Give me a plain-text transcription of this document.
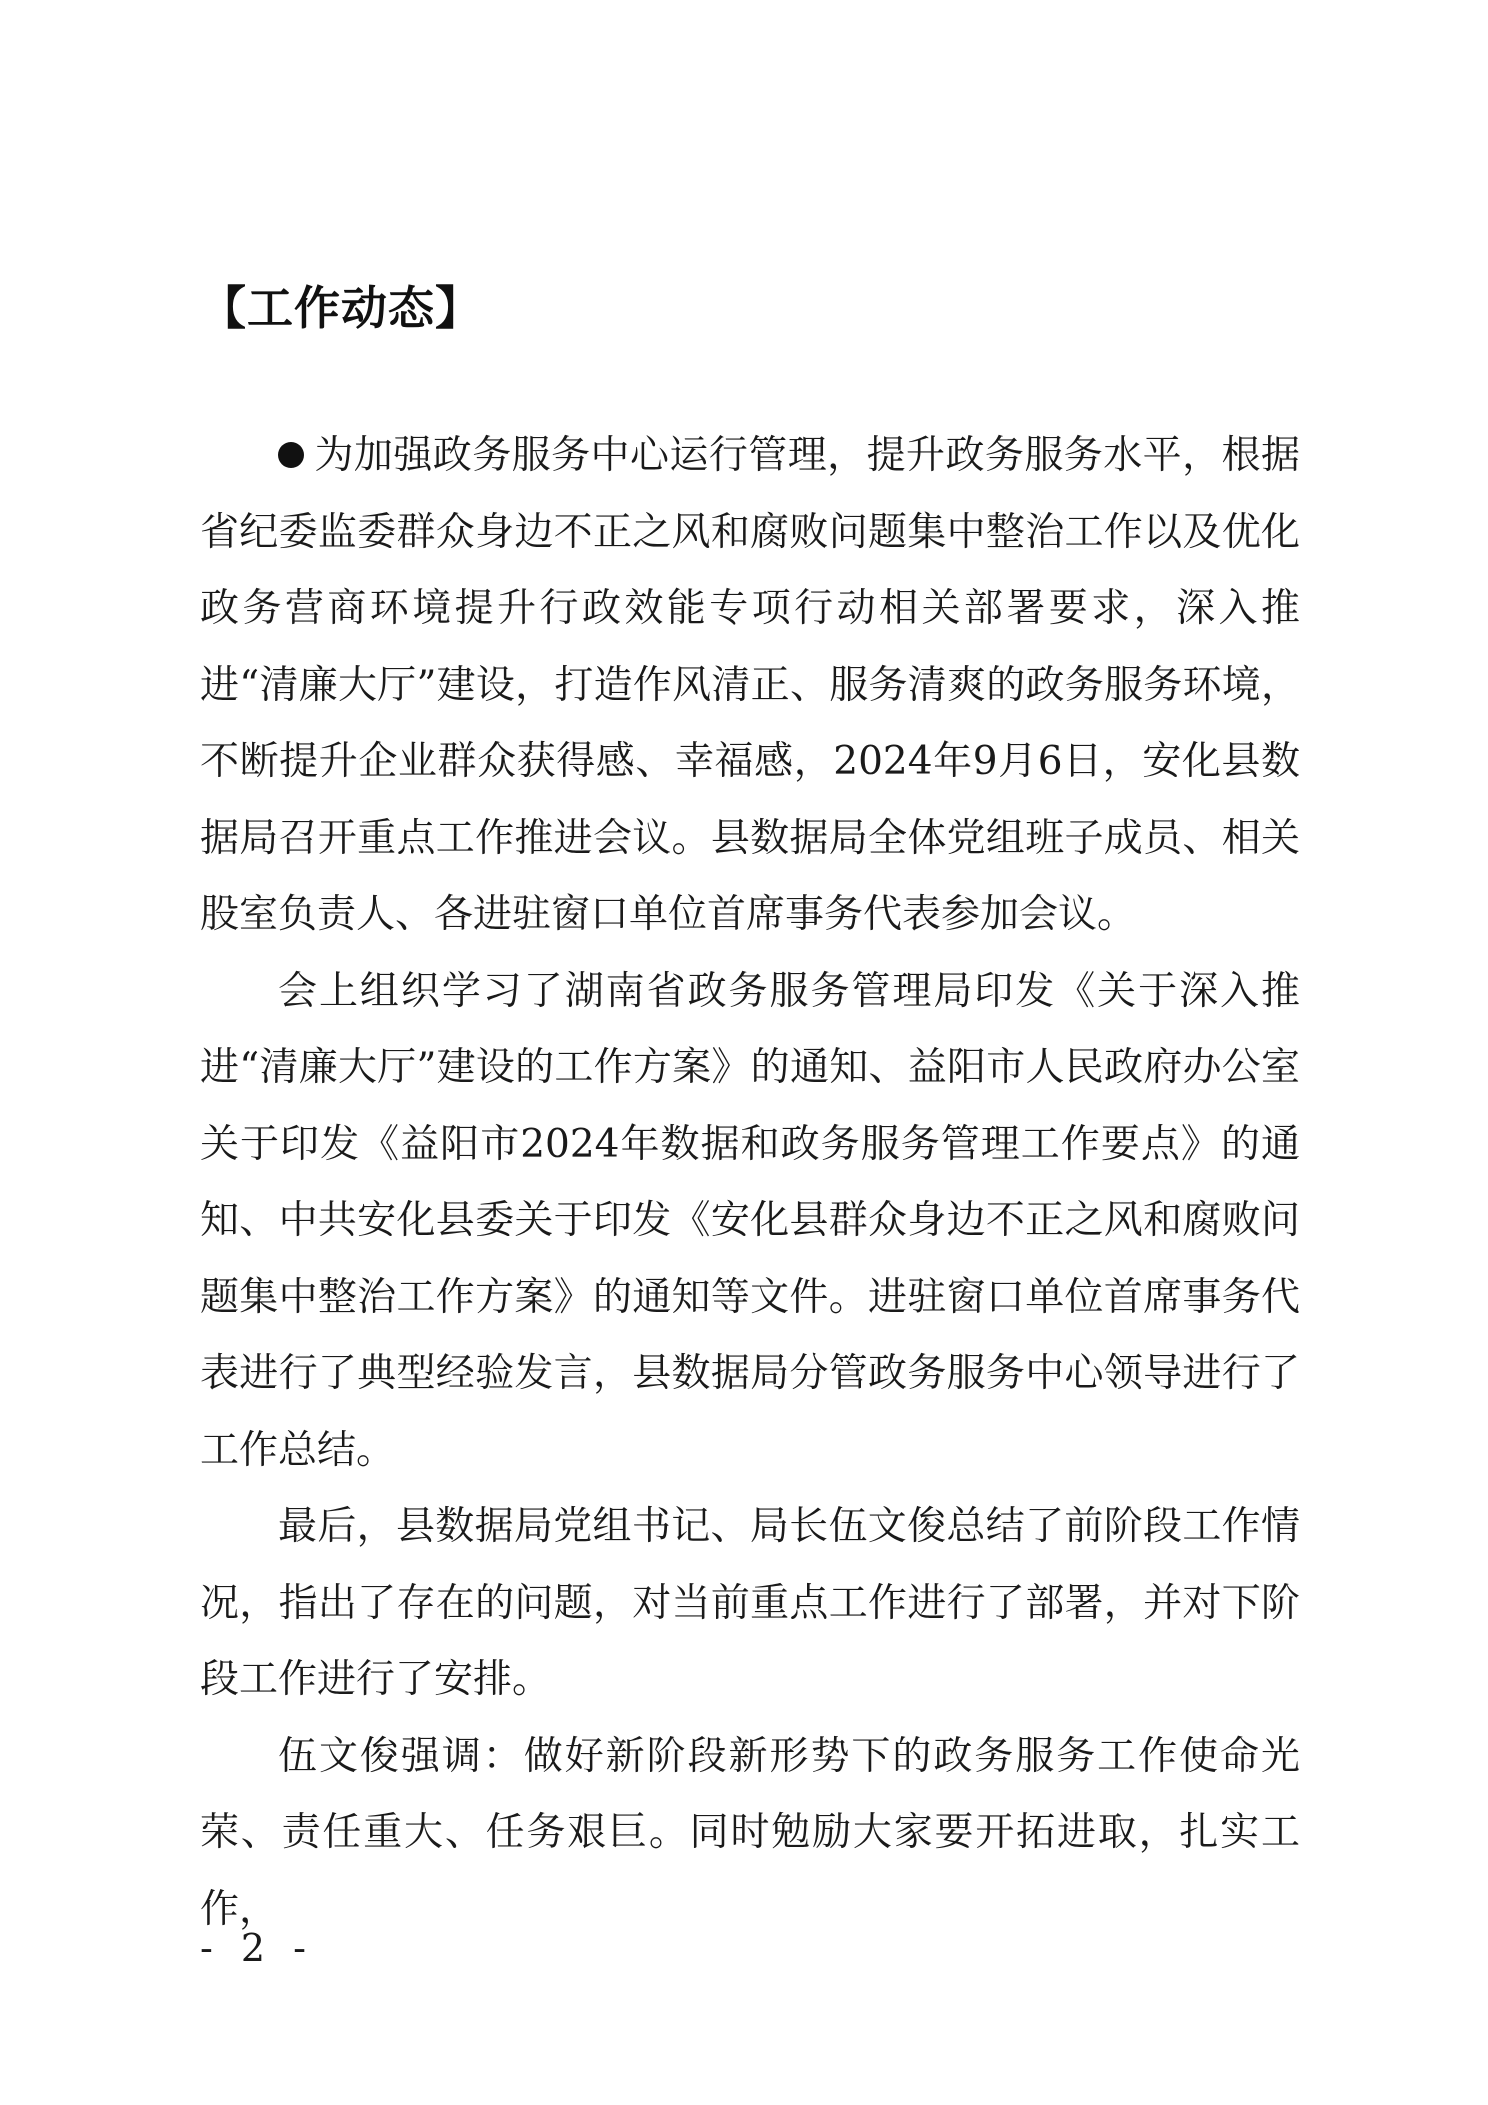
【工作动态】

为加强政务服务中心运行管理，提升政务服务水平，根据省纪委监委群众身边不正之风和腐败问题集中整治工作以及优化政务营商环境提升行政效能专项行动相关部署要求，深入推进“清廉大厅”建设，打造作风清正、服务清爽的政务服务环境，不断提升企业群众获得感、幸福感，2024年9月6日，安化县数据局召开重点工作推进会议。县数据局全体党组班子成员、相关股室负责人、各进驻窗口单位首席事务代表参加会议。

会上组织学习了湖南省政务服务管理局印发《关于深入推进“清廉大厅”建设的工作方案》的通知、益阳市人民政府办公室关于印发《益阳市2024年数据和政务服务管理工作要点》的通知、中共安化县委关于印发《安化县群众身边不正之风和腐败问题集中整治工作方案》的通知等文件。进驻窗口单位首席事务代表进行了典型经验发言，县数据局分管政务服务中心领导进行了工作总结。

最后，县数据局党组书记、局长伍文俊总结了前阶段工作情况，指出了存在的问题，对当前重点工作进行了部署，并对下阶段工作进行了安排。

伍文俊强调：做好新阶段新形势下的政务服务工作使命光荣、责任重大、任务艰巨。同时勉励大家要开拓进取，扎实工作，

- 2 -
